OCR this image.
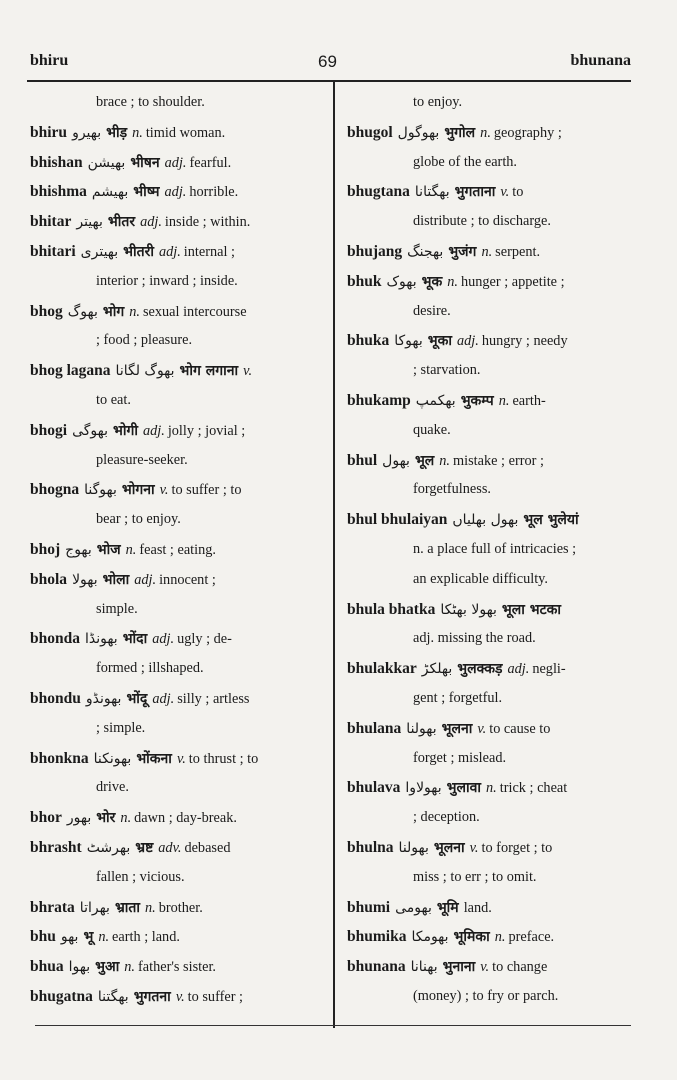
bhiru	69	bhunana
brace ; to shoulder.
bhiru بھیرو भीड़ n. timid woman.
bhishan بھیشن भीषन adj. fearful.
bhishma بھیشم भीष्म adj. horrible.
bhitar بھیتر भीतर adj. inside ; within.
bhitari بھیتری भीतरी adj. internal ;
interior ; inward ; inside.
bhog بھوگ भोग n. sexual intercourse
; food ; pleasure.
bhog lagana بھوگ لگانا भोग लगाना v.
to eat.
bhogi بھوگی भोगी adj. jolly ; jovial ;
pleasure-seeker.
bhogna بھوگنا भोगना v. to suffer ; to
bear ; to enjoy.
bhoj بھوج भोज n. feast ; eating.
bhola بھولا भोला adj. innocent ;
simple.
bhonda بھونڈا भोंदा adj. ugly ; de-
formed ; illshaped.
bhondu بھونڈو भोंदू adj. silly ; artless
; simple.
bhonkna بھونکنا भोंकना v. to thrust ; to
drive.
bhor بھور भोर n. dawn ; day-break.
bhrasht بھرشٹ भ्रष्ट adv. debased
fallen ; vicious.
bhrata بھراتا भ्राता n. brother.
bhu بھو भू n. earth ; land.
bhua بھوا भुआ n. father's sister.
bhugatna بھگتنا भुगतना v. to suffer ;
to enjoy.
bhugol بھوگول भुगोल n. geography ;
globe of the earth.
bhugtana بھگتانا भुगताना v. to
distribute ; to discharge.
bhujang بھجنگ भुजंग n. serpent.
bhuk بھوک भूक n. hunger ; appetite ;
desire.
bhuka بھوکا भूका adj. hungry ; needy
; starvation.
bhukamp بھکمپ भुकम्प n. earth-
quake.
bhul بھول भूल n. mistake ; error ;
forgetfulness.
bhul bhulaiyan بھول بھلیاں भूल भुलेयां
n. a place full of intricacies ;
an explicable difficulty.
bhula bhatka بھولا بھٹکا भूला भटका
adj. missing the road.
bhulakkar بھلکڑ भुलक्कड़ adj. negli-
gent ; forgetful.
bhulana بھولنا भूलना v. to cause to
forget ; mislead.
bhulava بھولاوا भुलावा n. trick ; cheat
; deception.
bhulna بھولنا भूलना v. to forget ; to
miss ; to err ; to omit.
bhumi بھومی भूमि land.
bhumika بھومکا भूमिका n. preface.
bhunana بھنانا भुनाना v. to change
(money) ; to fry or parch.
